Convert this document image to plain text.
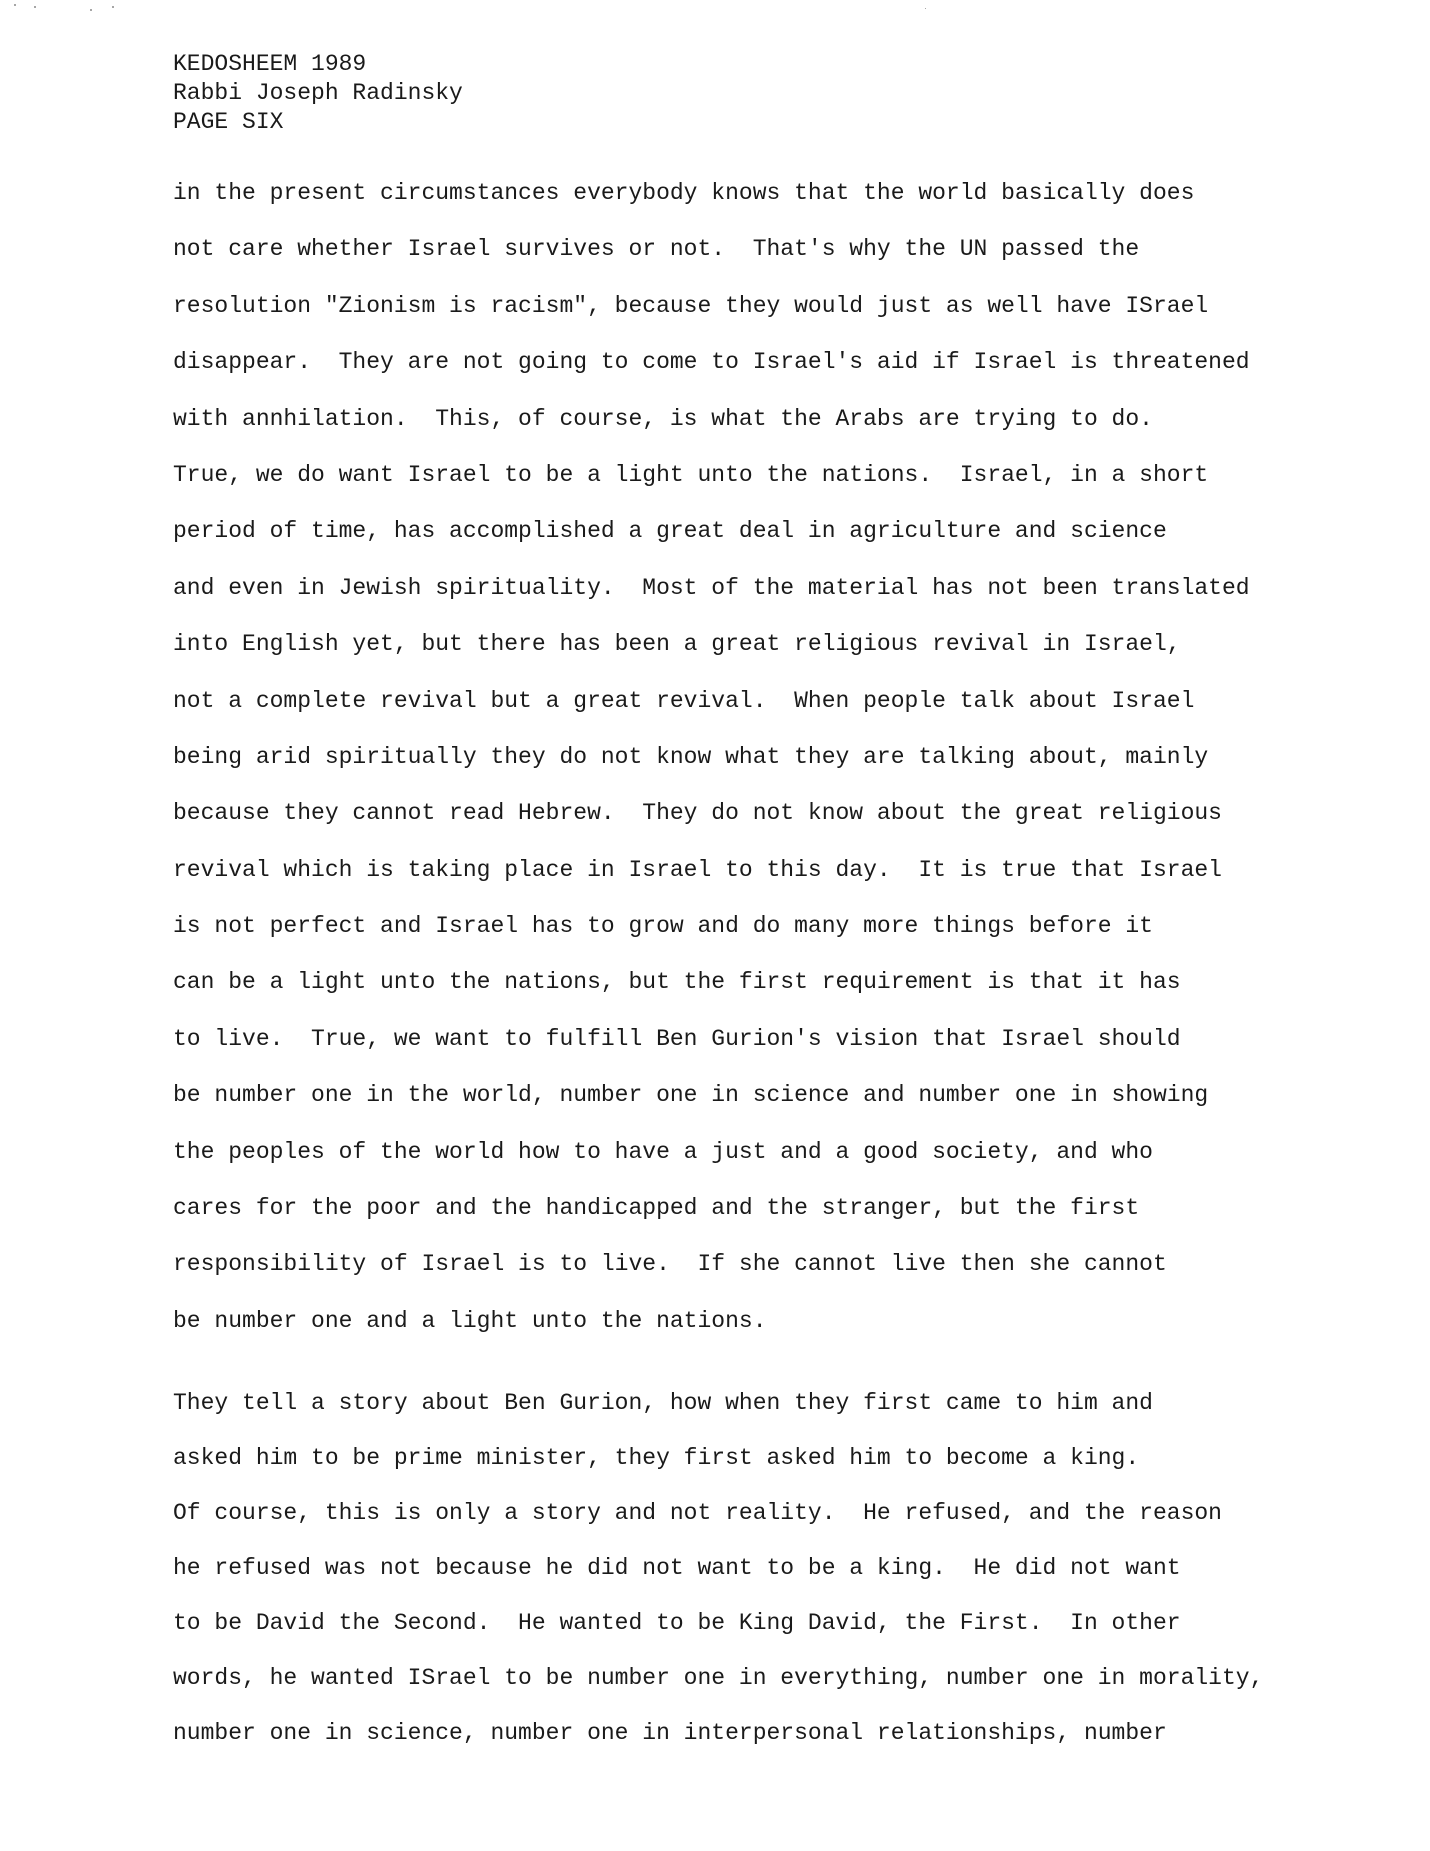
KEDOSHEEM 1989
Rabbi Joseph Radinsky
PAGE SIX
in the present circumstances everybody knows that the world basically does
not care whether Israel survives or not.  That's why the UN passed the
resolution "Zionism is racism", because they would just as well have ISrael
disappear.  They are not going to come to Israel's aid if Israel is threatened
with annhilation.  This, of course, is what the Arabs are trying to do.
True, we do want Israel to be a light unto the nations.  Israel, in a short
period of time, has accomplished a great deal in agriculture and science
and even in Jewish spirituality.  Most of the material has not been translated
into English yet, but there has been a great religious revival in Israel,
not a complete revival but a great revival.  When people talk about Israel
being arid spiritually they do not know what they are talking about, mainly
because they cannot read Hebrew.  They do not know about the great religious
revival which is taking place in Israel to this day.  It is true that Israel
is not perfect and Israel has to grow and do many more things before it
can be a light unto the nations, but the first requirement is that it has
to live.  True, we want to fulfill Ben Gurion's vision that Israel should
be number one in the world, number one in science and number one in showing
the peoples of the world how to have a just and a good society, and who
cares for the poor and the handicapped and the stranger, but the first
responsibility of Israel is to live.  If she cannot live then she cannot
be number one and a light unto the nations.
They tell a story about Ben Gurion, how when they first came to him and
asked him to be prime minister, they first asked him to become a king.
Of course, this is only a story and not reality.  He refused, and the reason
he refused was not because he did not want to be a king.  He did not want
to be David the Second.  He wanted to be King David, the First.  In other
words, he wanted ISrael to be number one in everything, number one in morality,
number one in science, number one in interpersonal relationships, number
